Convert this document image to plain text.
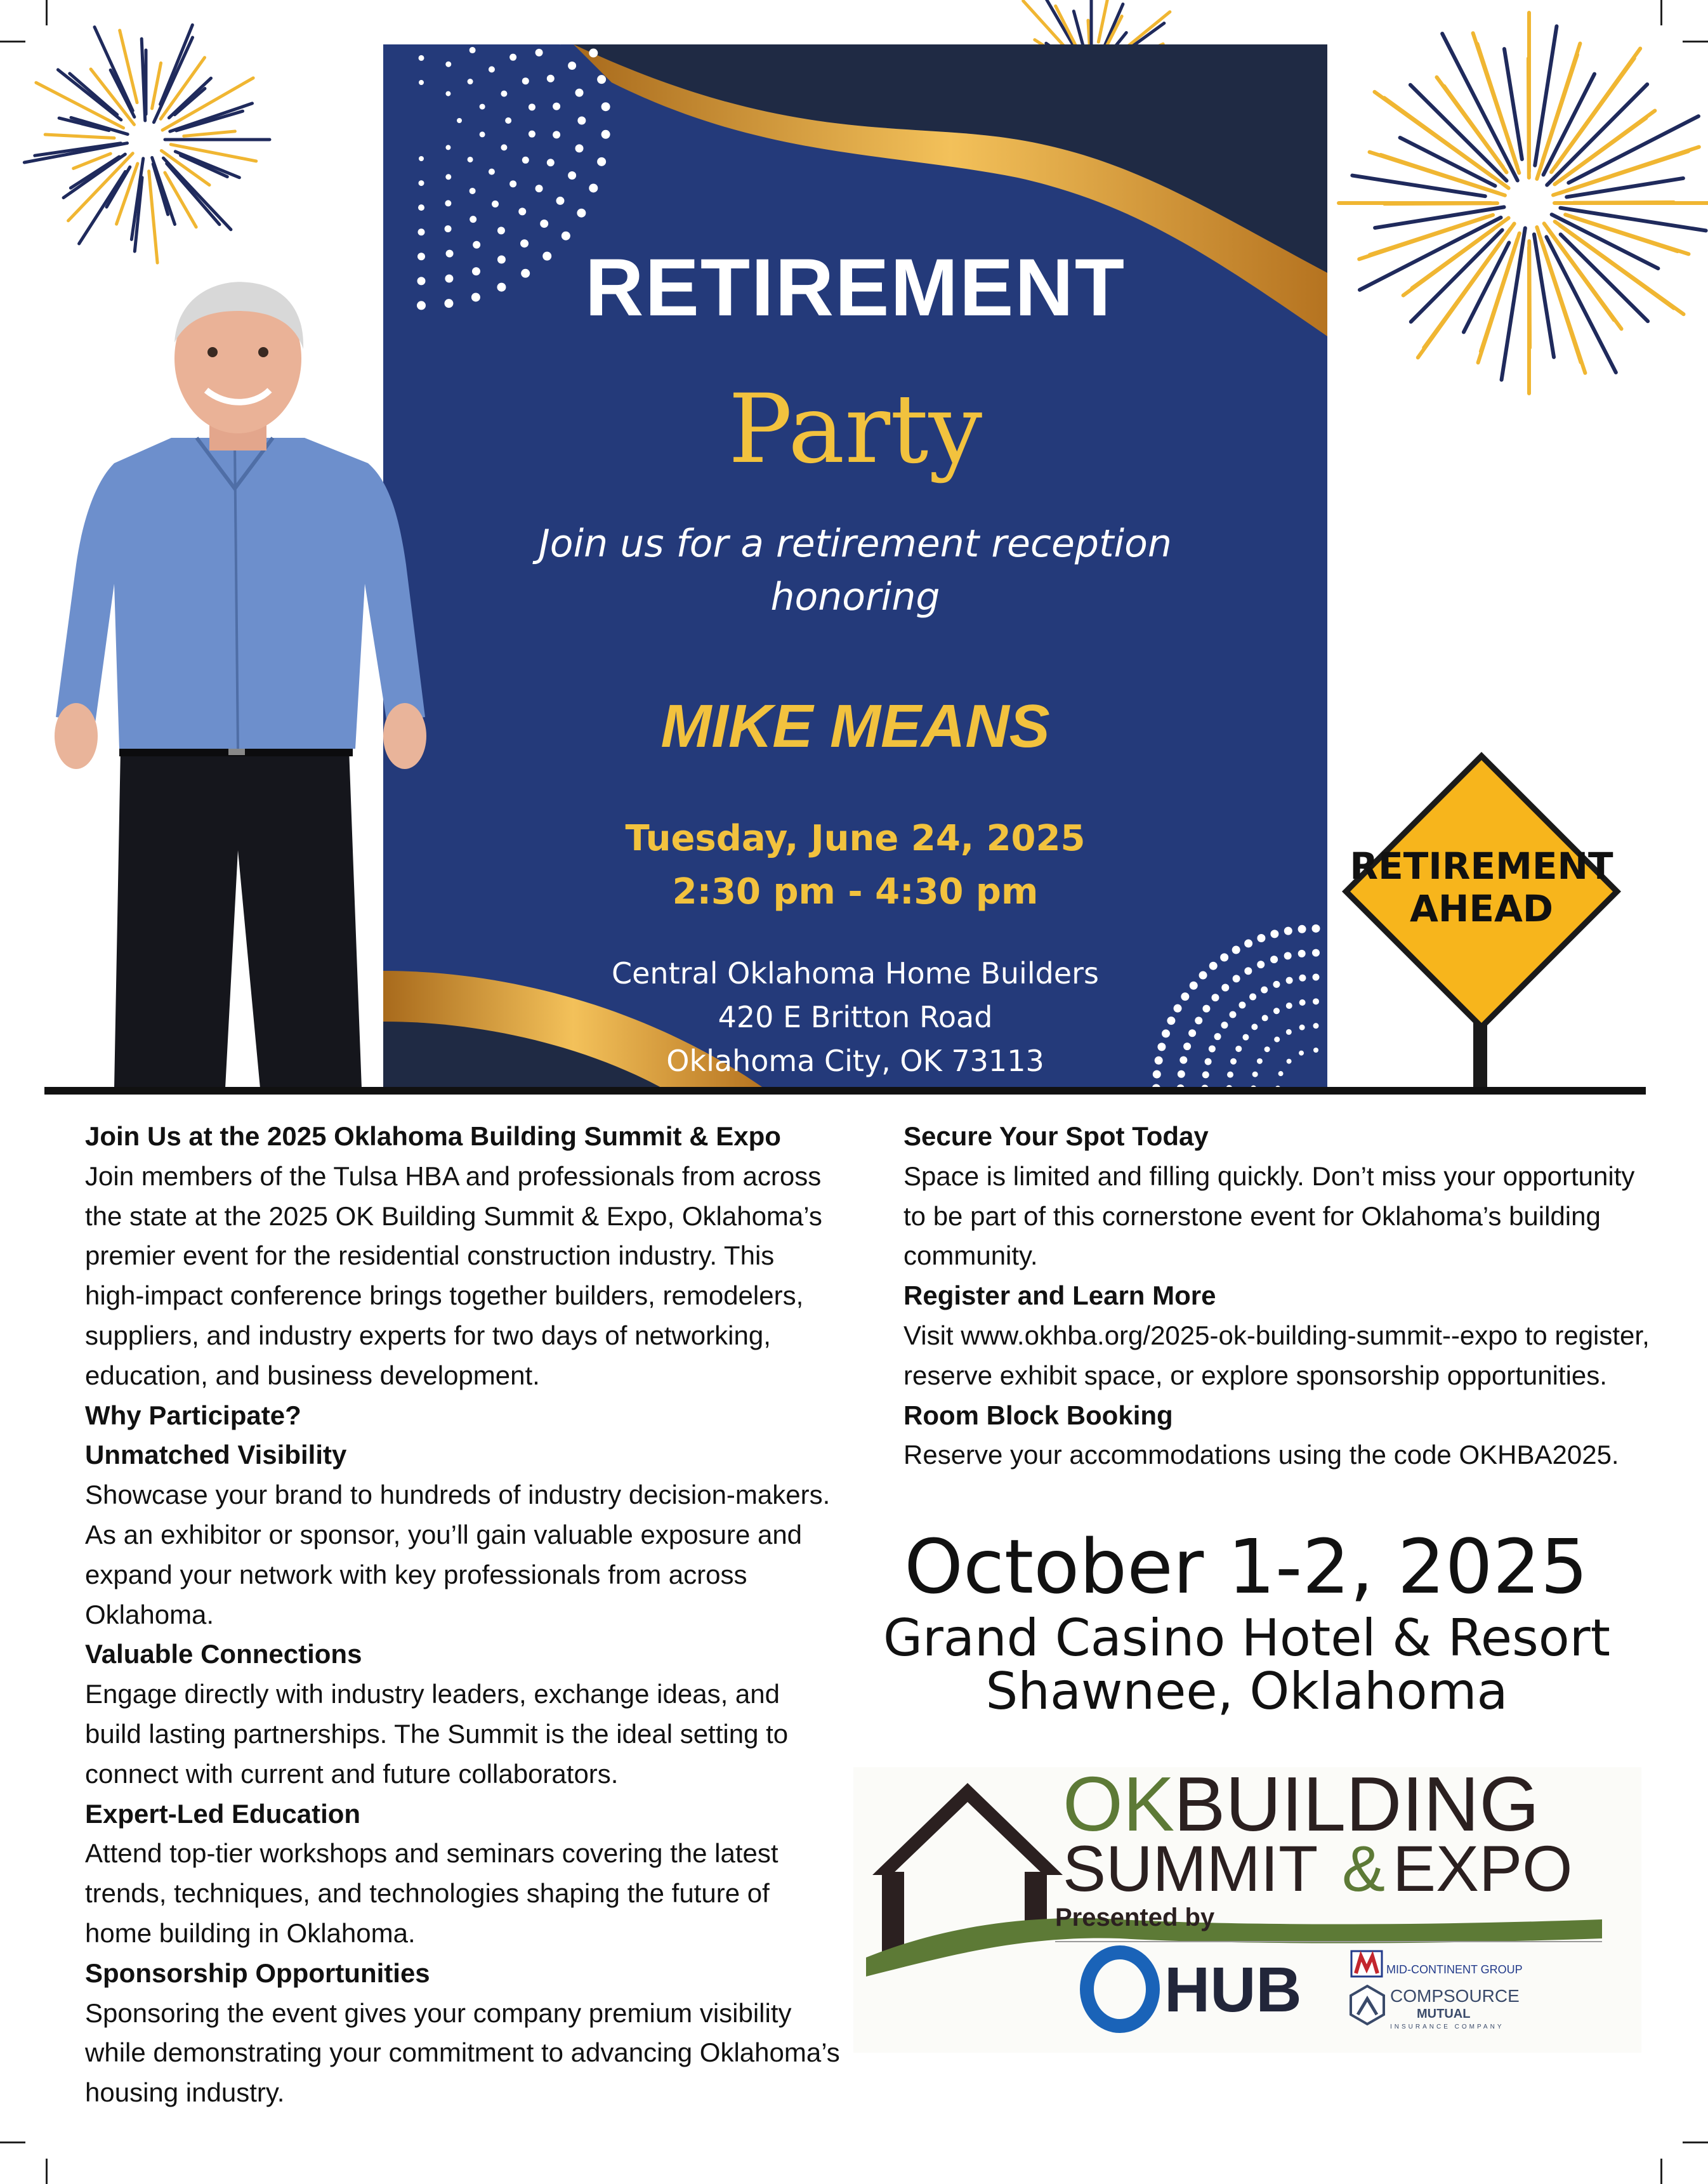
RETIREMENT
Party
Join us for a retirement reception
honoring
MIKE MEANS
Tuesday, June 24, 2025
2:30 pm - 4:30 pm
Central Oklahoma Home Builders
420 E Britton Road
Oklahoma City, OK 73113
RETIREMENT
AHEAD

Join Us at the 2025 Oklahoma Building Summit & Expo

Join members of the Tulsa HBA and professionals from across the state at the 2025 OK Building Summit & Expo, Oklahoma’s premier event for the residential construction industry. This high-impact conference brings together builders, remodelers, suppliers, and industry experts for two days of networking, education, and business development.

Why Participate?

Unmatched Visibility

Showcase your brand to hundreds of industry decision-makers. As an exhibitor or sponsor, you’ll gain valuable exposure and expand your network with key professionals from across Oklahoma.

Valuable Connections

Engage directly with industry leaders, exchange ideas, and build lasting partnerships. The Summit is the ideal setting to connect with current and future collaborators.

Expert-Led Education

Attend top-tier workshops and seminars covering the latest trends, techniques, and technologies shaping the future of home building in Oklahoma.

Sponsorship Opportunities

Sponsoring the event gives your company premium visibility while demonstrating your commitment to advancing Oklahoma’s housing industry.

Secure Your Spot Today

Space is limited and filling quickly. Don’t miss your opportunity to be part of this cornerstone event for Oklahoma’s building community.

Register and Learn More

Visit www.okhba.org/2025-ok-building-summit--expo to register, reserve exhibit space, or explore sponsorship opportunities.

Room Block Booking

Reserve your accommodations using the code OKHBA2025.

October 1-2, 2025
Grand Casino Hotel & Resort
Shawnee, Oklahoma
OK
BUILDING
SUMMIT & EXPO
Presented by
HUB	MID-CONTINENT GROUP
COMPSOURCE
MUTUAL
INSURANCE COMPANY
